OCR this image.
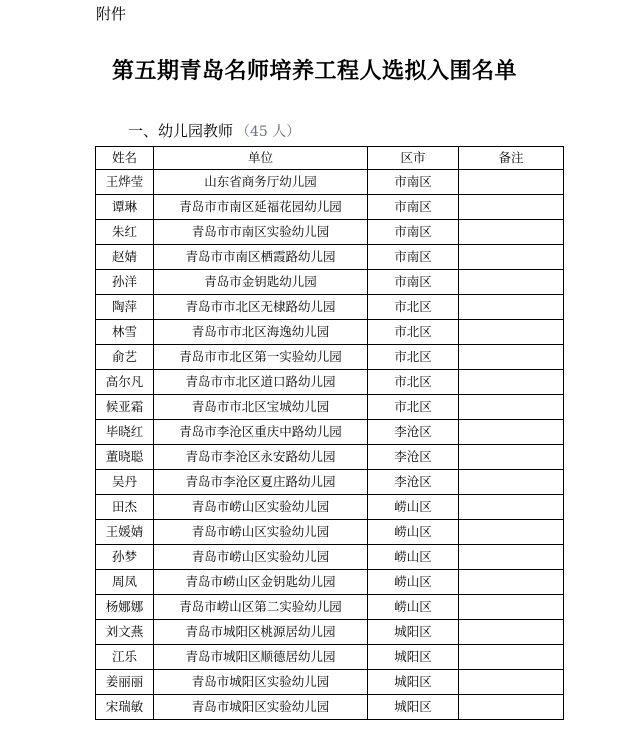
附件
第五期青岛名师培养工程人选拟入围名单
一、幼儿园教师 （45 人）
姓名	单位	区市	备注
王烨莹	山东省商务厅幼儿园	市南区	
谭琳	青岛市市南区延福花园幼儿园	市南区	
朱红	青岛市市南区实验幼儿园	市南区	
赵婧	青岛市市南区栖霞路幼儿园	市南区	
孙洋	青岛市金钥匙幼儿园	市南区	
陶萍	青岛市市北区无棣路幼儿园	市北区	
林雪	青岛市市北区海逸幼儿园	市北区	
俞艺	青岛市市北区第一实验幼儿园	市北区	
高尔凡	青岛市市北区道口路幼儿园	市北区	
候亚霜	青岛市市北区宝城幼儿园	市北区	
毕晓红	青岛市李沧区重庆中路幼儿园	李沧区	
董晓聪	青岛市李沧区永安路幼儿园	李沧区	
吴丹	青岛市李沧区夏庄路幼儿园	李沧区	
田杰	青岛市崂山区实验幼儿园	崂山区	
王媛婧	青岛市崂山区实验幼儿园	崂山区	
孙梦	青岛市崂山区实验幼儿园	崂山区	
周凤	青岛市崂山区金钥匙幼儿园	崂山区	
杨娜娜	青岛市崂山区第二实验幼儿园	崂山区	
刘文燕	青岛市城阳区桃源居幼儿园	城阳区	
江乐	青岛市城阳区顺德居幼儿园	城阳区	
姜丽丽	青岛市城阳区实验幼儿园	城阳区	
宋瑞敏	青岛市城阳区实验幼儿园	城阳区	
